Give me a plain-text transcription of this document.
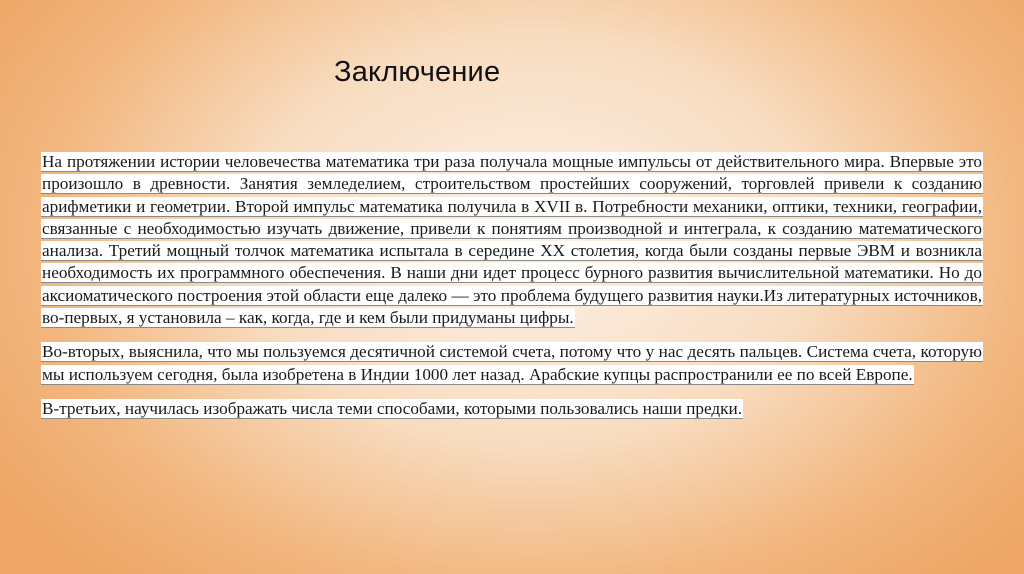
Заключение

На протяжении истории человечества математика три раза получала мощные импульсы от действительного мира. Впервые это произошло в древности. Занятия земледелием, строительством простейших сооружений, торговлей привели к созданию арифметики и геометрии. Второй импульс математика получила в XVII в. Потребности механики, оптики, техники, географии, связанные с необходимостью изучать движение, привели к понятиям производной и интеграла, к созданию математического анализа. Третий мощный толчок математика испытала в середине XX столетия, когда были созданы первые ЭВМ и возникла необходимость их программного обеспечения. В наши дни идет процесс бурного развития вычислительной математики. Но до аксиоматического построения этой области еще далеко — это проблема будущего развития науки.Из литературных источников, во-первых, я установила – как, когда, где и кем были придуманы цифры.

Во-вторых, выяснила, что мы пользуемся десятичной системой счета, потому что у нас десять пальцев. Система счета, которую мы используем сегодня, была изобретена в Индии 1000 лет назад. Арабские купцы распространили ее по всей Европе.

В-третьих, научилась изображать числа теми способами, которыми пользовались наши предки.
